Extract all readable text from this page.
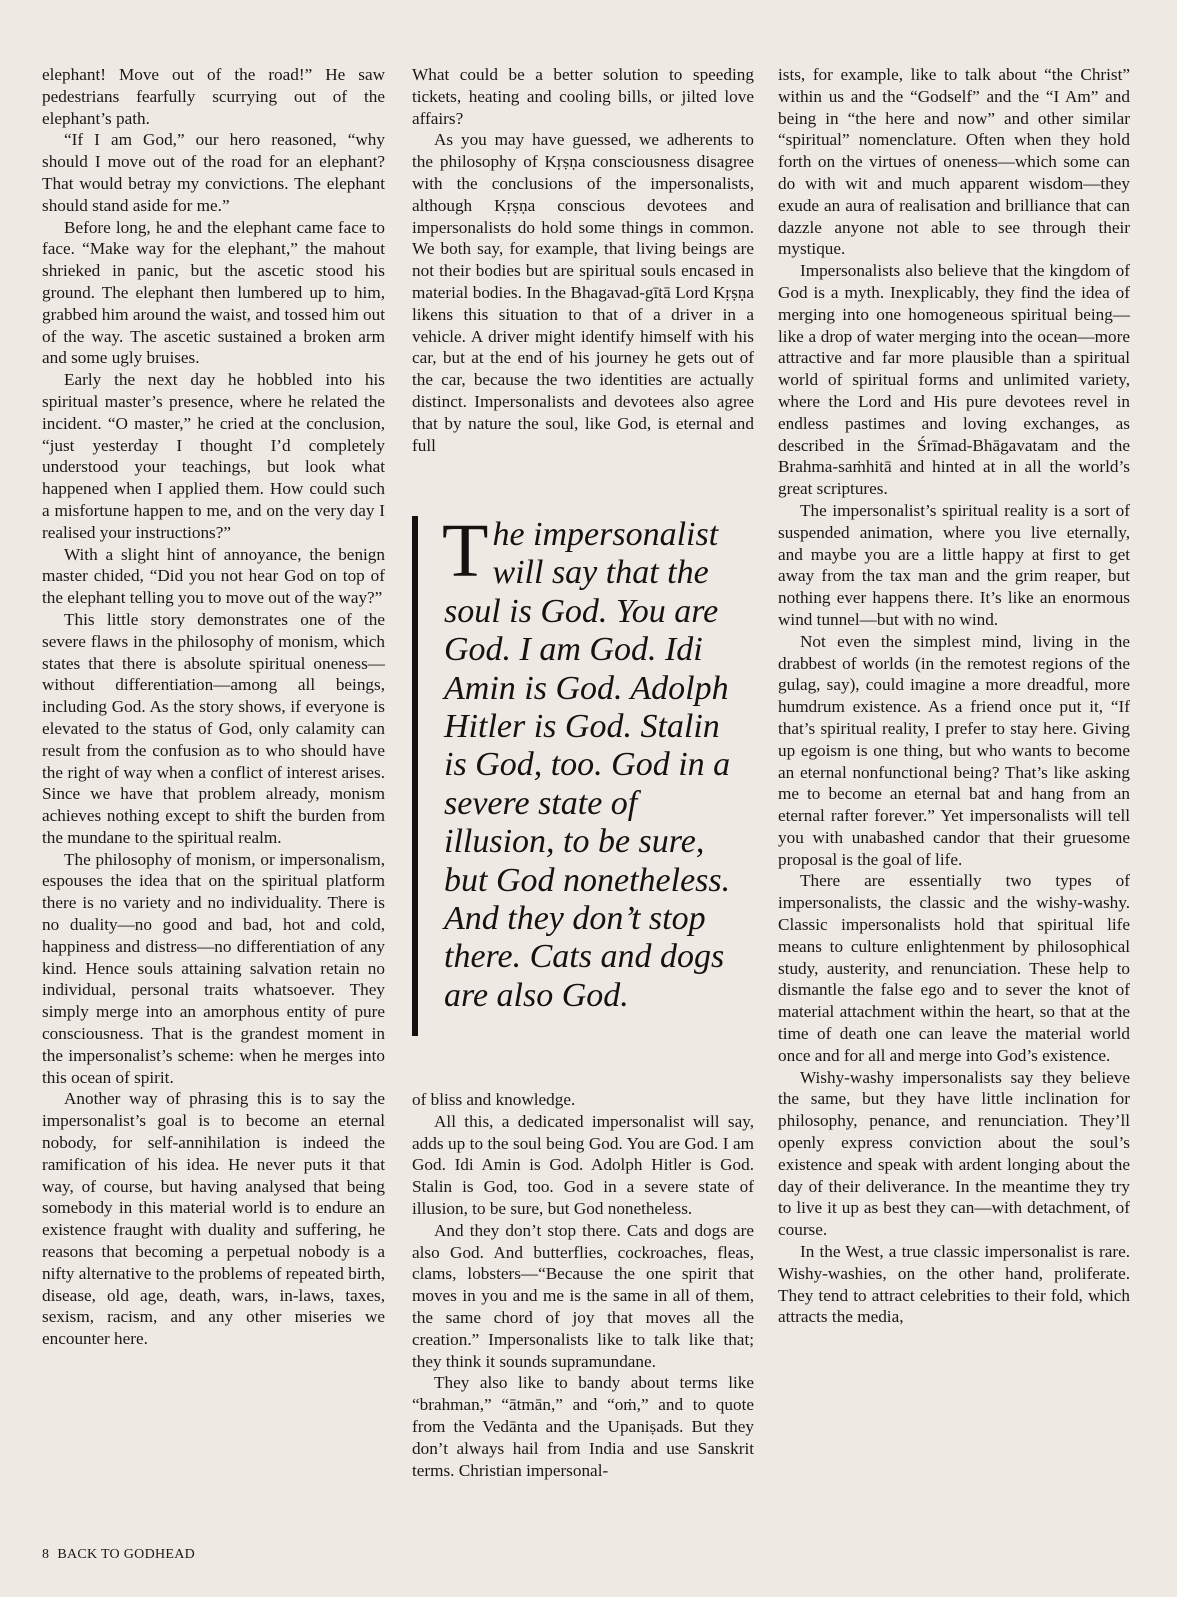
elephant! Move out of the road!” He saw pedestrians fearfully scurrying out of the elephant’s path.

“If I am God,” our hero reasoned, “why should I move out of the road for an elephant? That would betray my convictions. The elephant should stand aside for me.”

Before long, he and the elephant came face to face. “Make way for the elephant,” the mahout shrieked in panic, but the ascetic stood his ground. The elephant then lumbered up to him, grabbed him around the waist, and tossed him out of the way. The ascetic sustained a broken arm and some ugly bruises.

Early the next day he hobbled into his spiritual master’s presence, where he related the incident. “O master,” he cried at the conclusion, “just yesterday I thought I’d completely understood your teachings, but look what happened when I applied them. How could such a misfortune happen to me, and on the very day I realised your instructions?”

With a slight hint of annoyance, the benign master chided, “Did you not hear God on top of the elephant telling you to move out of the way?”

This little story demonstrates one of the severe flaws in the philosophy of monism, which states that there is absolute spiritual oneness—without differentiation—among all beings, including God. As the story shows, if everyone is elevated to the status of God, only calamity can result from the confusion as to who should have the right of way when a conflict of interest arises. Since we have that problem already, monism achieves nothing except to shift the burden from the mundane to the spiritual realm.

The philosophy of monism, or impersonalism, espouses the idea that on the spiritual platform there is no variety and no individuality. There is no duality—no good and bad, hot and cold, happiness and distress—no differentiation of any kind. Hence souls attaining salvation retain no individual, personal traits whatsoever. They simply merge into an amorphous entity of pure consciousness. That is the grandest moment in the impersonalist’s scheme: when he merges into this ocean of spirit.

Another way of phrasing this is to say the impersonalist’s goal is to become an eternal nobody, for self-annihilation is indeed the ramification of his idea. He never puts it that way, of course, but having analysed that being somebody in this material world is to endure an existence fraught with duality and suffering, he reasons that becoming a perpetual nobody is a nifty alternative to the problems of repeated birth, disease, old age, death, wars, in-laws, taxes, sexism, racism, and any other miseries we encounter here.

What could be a better solution to speeding tickets, heating and cooling bills, or jilted love affairs?

As you may have guessed, we adherents to the philosophy of Kṛṣṇa consciousness disagree with the conclusions of the impersonalists, although Kṛṣṇa conscious devotees and impersonalists do hold some things in common. We both say, for example, that living beings are not their bodies but are spiritual souls encased in material bodies. In the Bhagavad-gītā Lord Kṛṣṇa likens this situation to that of a driver in a vehicle. A driver might identify himself with his car, but at the end of his journey he gets out of the car, because the two identities are actually distinct. Impersonalists and devotees also agree that by nature the soul, like God, is eternal and full

The impersonalist will say that the soul is God. You are God. I am God. Idi Amin is God. Adolph Hitler is God. Stalin is God, too. God in a severe state of illusion, to be sure, but God nonetheless. And they don’t stop there. Cats and dogs are also God.

of bliss and knowledge.

All this, a dedicated impersonalist will say, adds up to the soul being God. You are God. I am God. Idi Amin is God. Adolph Hitler is God. Stalin is God, too. God in a severe state of illusion, to be sure, but God nonetheless.

And they don’t stop there. Cats and dogs are also God. And butterflies, cockroaches, fleas, clams, lobsters—“Because the one spirit that moves in you and me is the same in all of them, the same chord of joy that moves all the creation.” Impersonalists like to talk like that; they think it sounds supramundane.

They also like to bandy about terms like “brahman,” “ātmān,” and “oṁ,” and to quote from the Vedānta and the Upaniṣads. But they don’t always hail from India and use Sanskrit terms. Christian impersonal-

ists, for example, like to talk about “the Christ” within us and the “Godself” and the “I Am” and being in “the here and now” and other similar “spiritual” nomenclature. Often when they hold forth on the virtues of oneness—which some can do with wit and much apparent wisdom—they exude an aura of realisation and brilliance that can dazzle anyone not able to see through their mystique.

Impersonalists also believe that the kingdom of God is a myth. Inexplicably, they find the idea of merging into one homogeneous spiritual being—like a drop of water merging into the ocean—more attractive and far more plausible than a spiritual world of spiritual forms and unlimited variety, where the Lord and His pure devotees revel in endless pastimes and loving exchanges, as described in the Śrīmad-Bhāgavatam and the Brahma-saṁhitā and hinted at in all the world’s great scriptures.

The impersonalist’s spiritual reality is a sort of suspended animation, where you live eternally, and maybe you are a little happy at first to get away from the tax man and the grim reaper, but nothing ever happens there. It’s like an enormous wind tunnel—but with no wind.

Not even the simplest mind, living in the drabbest of worlds (in the remotest regions of the gulag, say), could imagine a more dreadful, more humdrum existence. As a friend once put it, “If that’s spiritual reality, I prefer to stay here. Giving up egoism is one thing, but who wants to become an eternal nonfunctional being? That’s like asking me to become an eternal bat and hang from an eternal rafter forever.” Yet impersonalists will tell you with unabashed candor that their gruesome proposal is the goal of life.

There are essentially two types of impersonalists, the classic and the wishy-washy. Classic impersonalists hold that spiritual life means to culture enlightenment by philosophical study, austerity, and renunciation. These help to dismantle the false ego and to sever the knot of material attachment within the heart, so that at the time of death one can leave the material world once and for all and merge into God’s existence.

Wishy-washy impersonalists say they believe the same, but they have little inclination for philosophy, penance, and renunciation. They’ll openly express conviction about the soul’s existence and speak with ardent longing about the day of their deliverance. In the meantime they try to live it up as best they can—with detachment, of course.

In the West, a true classic impersonalist is rare. Wishy-washies, on the other hand, proliferate. They tend to attract celebrities to their fold, which attracts the media,

8 BACK TO GODHEAD
